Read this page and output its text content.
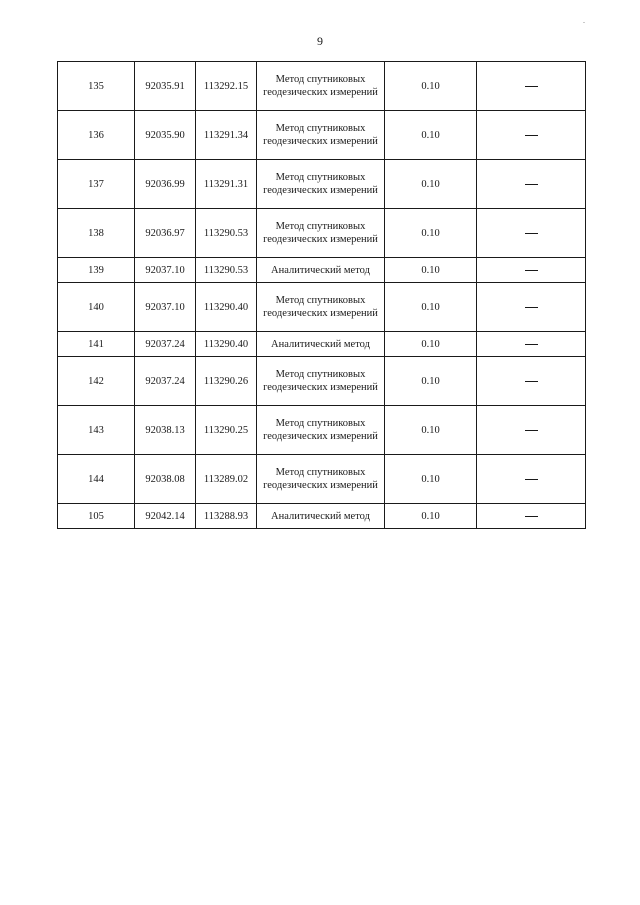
.
9
135	92035.91	113292.15	Метод спутниковых геодезических измерений	0.10	
136	92035.90	113291.34	Метод спутниковых геодезических измерений	0.10	
137	92036.99	113291.31	Метод спутниковых геодезических измерений	0.10	
138	92036.97	113290.53	Метод спутниковых геодезических измерений	0.10	
139	92037.10	113290.53	Аналитический метод	0.10	
140	92037.10	113290.40	Метод спутниковых геодезических измерений	0.10	
141	92037.24	113290.40	Аналитический метод	0.10	
142	92037.24	113290.26	Метод спутниковых геодезических измерений	0.10	
143	92038.13	113290.25	Метод спутниковых геодезических измерений	0.10	
144	92038.08	113289.02	Метод спутниковых геодезических измерений	0.10	
105	92042.14	113288.93	Аналитический метод	0.10	
